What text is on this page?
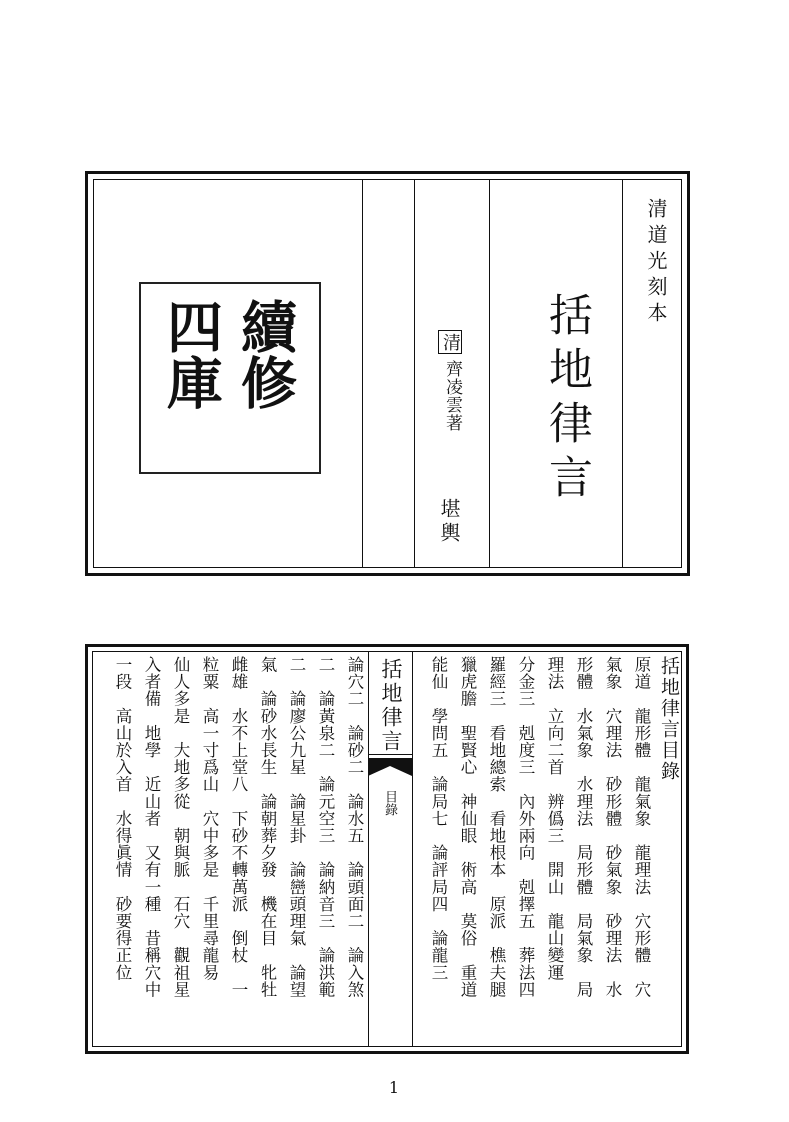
續修
四庫	清
齊凌雲著
堪輿
括地律言
清道光刻本
括地律言目錄
原道　龍形體　龍氣象　龍理法　穴形體　穴
氣象　穴理法　砂形體　砂氣象　砂理法　水
形體　水氣象　水理法　局形體　局氣象　局
理法　立向二首　辨僞三　開山　龍山變運
分金三　剋度三　內外兩向　剋擇五　葬法四
羅經三　看地總索　看地根本　原派　樵夫腿
獵虎膽　聖賢心　神仙眼　術高　莫俗　重道
能仙　學問五　論局七　論評局四　論龍三
括地律言
目錄
論穴二　論砂二　論水五　論頭面二　論入煞
二　論黃泉二　論元空三　論納音三　論洪範
二　論廖公九星　論星卦　論巒頭理氣　論望
氣　論砂水長生　論朝葬夕發　機在目　牝牡
雌雄　水不上堂八　下砂不轉萬派　倒杖　一
粒粟　高一寸爲山　穴中多是　千里尋龍易
仙人多是　大地多從　朝與脈　石穴　觀祖星
入者備　地學　近山者　又有一種　昔稱穴中
一段　高山於入首　水得眞情　砂要得正位　
1
